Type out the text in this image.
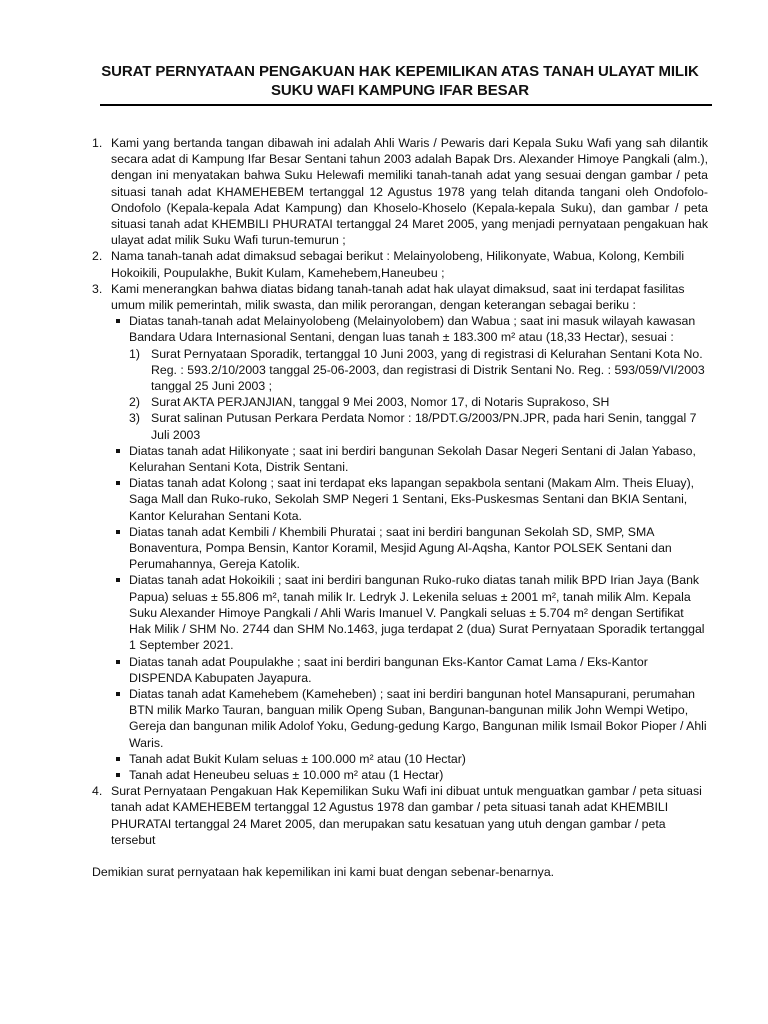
SURAT PERNYATAAN PENGAKUAN HAK KEPEMILIKAN ATAS TANAH ULAYAT MILIK
SUKU WAFI KAMPUNG IFAR BESAR
1. Kami yang bertanda tangan dibawah ini adalah Ahli Waris / Pewaris dari Kepala Suku Wafi yang sah dilantik secara adat di Kampung Ifar Besar Sentani tahun 2003 adalah Bapak Drs. Alexander Himoye Pangkali (alm.), dengan ini menyatakan bahwa Suku Helewafi memiliki tanah-tanah adat yang sesuai dengan gambar / peta situasi tanah adat KHAMEHEBEM tertanggal 12 Agustus 1978 yang telah ditanda tangani oleh Ondofolo-Ondofolo (Kepala-kepala Adat Kampung) dan Khoselo-Khoselo (Kepala-kepala Suku), dan gambar / peta situasi tanah adat KHEMBILI PHURATAI tertanggal 24 Maret 2005, yang menjadi pernyataan pengakuan hak ulayat adat milik Suku Wafi turun-temurun ;
2. Nama tanah-tanah adat dimaksud sebagai berikut : Melainyolobeng, Hilikonyate, Wabua, Kolong, Kembili Hokoikili, Poupulakhe, Bukit Kulam, Kamehebem,Haneubeu ;
3. Kami menerangkan bahwa diatas bidang tanah-tanah adat hak ulayat dimaksud, saat ini terdapat fasilitas umum milik pemerintah, milik swasta, dan milik perorangan, dengan keterangan sebagai beriku :
Diatas tanah-tanah adat Melainyolobeng (Melainyolobem) dan Wabua ; saat ini masuk wilayah kawasan Bandara Udara Internasional Sentani, dengan luas tanah ± 183.300 m² atau (18,33 Hectar), sesuai :
1) Surat Pernyataan Sporadik, tertanggal 10 Juni 2003, yang di registrasi di Kelurahan Sentani Kota No. Reg. : 593.2/10/2003 tanggal 25-06-2003, dan registrasi di Distrik Sentani No. Reg. : 593/059/VI/2003 tanggal 25 Juni 2003 ;
2) Surat AKTA PERJANJIAN, tanggal 9 Mei 2003, Nomor 17, di Notaris Suprakoso, SH
3) Surat salinan Putusan Perkara Perdata Nomor : 18/PDT.G/2003/PN.JPR, pada hari Senin, tanggal 7 Juli 2003
Diatas tanah adat Hilikonyate ; saat ini berdiri bangunan Sekolah Dasar Negeri Sentani di Jalan Yabaso, Kelurahan Sentani Kota, Distrik Sentani.
Diatas tanah adat Kolong ; saat ini terdapat eks lapangan sepakbola sentani (Makam Alm. Theis Eluay), Saga Mall dan Ruko-ruko, Sekolah SMP Negeri 1 Sentani, Eks-Puskesmas Sentani dan BKIA Sentani, Kantor Kelurahan Sentani Kota.
Diatas tanah adat Kembili / Khembili Phuratai ; saat ini berdiri bangunan Sekolah SD, SMP, SMA Bonaventura, Pompa Bensin, Kantor Koramil, Mesjid Agung Al-Aqsha, Kantor POLSEK Sentani dan Perumahannya, Gereja Katolik.
Diatas tanah adat Hokoikili ; saat ini berdiri bangunan Ruko-ruko diatas tanah milik BPD Irian Jaya (Bank Papua) seluas ± 55.806 m², tanah milik Ir. Ledryk J. Lekenila seluas ± 2001 m², tanah milik Alm. Kepala Suku Alexander Himoye Pangkali / Ahli Waris Imanuel V. Pangkali seluas ± 5.704 m² dengan Sertifikat Hak Milik / SHM No. 2744 dan SHM No.1463, juga terdapat 2 (dua) Surat Pernyataan Sporadik tertanggal 1 September 2021.
Diatas tanah adat Poupulakhe ; saat ini berdiri bangunan Eks-Kantor Camat Lama / Eks-Kantor DISPENDA Kabupaten Jayapura.
Diatas tanah adat Kamehebem (Kameheben) ; saat ini berdiri bangunan hotel Mansapurani, perumahan BTN milik Marko Tauran, banguan milik Openg Suban, Bangunan-bangunan milik John Wempi Wetipo, Gereja dan bangunan milik Adolof Yoku, Gedung-gedung Kargo, Bangunan milik Ismail Bokor Pioper / Ahli Waris.
Tanah adat Bukit Kulam seluas ± 100.000 m² atau (10 Hectar)
Tanah adat Heneubeu seluas ± 10.000 m² atau (1 Hectar)
4. Surat Pernyataan Pengakuan Hak Kepemilikan Suku Wafi ini dibuat untuk menguatkan gambar / peta situasi tanah adat KAMEHEBEM tertanggal 12 Agustus 1978 dan gambar / peta situasi tanah adat KHEMBILI PHURATAI tertanggal 24 Maret 2005, dan merupakan satu kesatuan yang utuh dengan gambar / peta tersebut

Demikian surat pernyataan hak kepemilikan ini kami buat dengan sebenar-benarnya.
